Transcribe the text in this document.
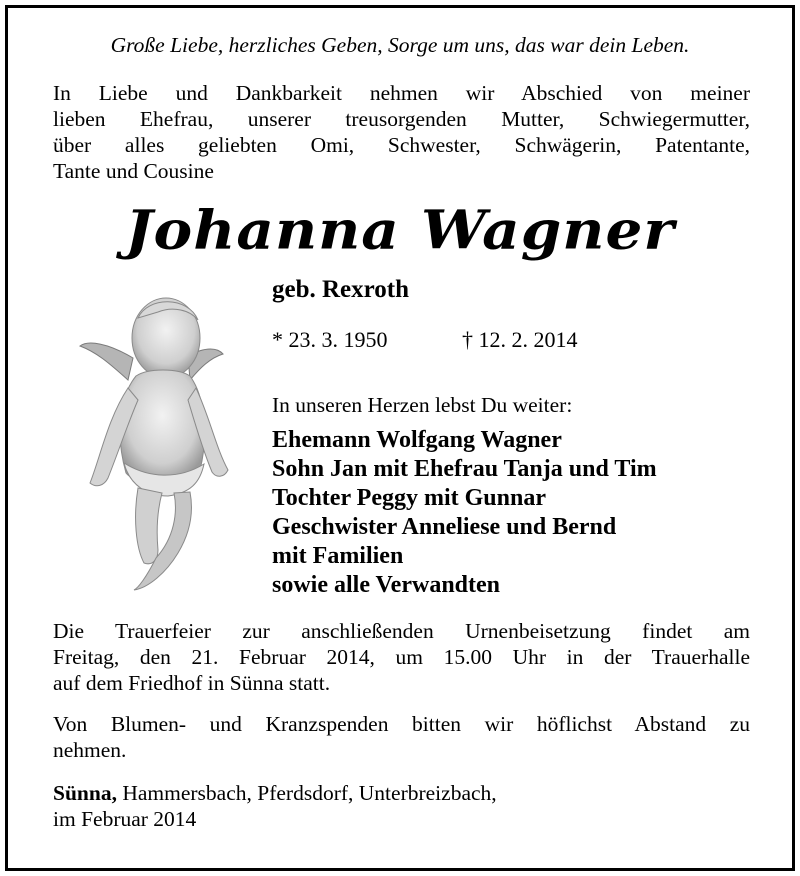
Große Liebe, herzliches Geben, Sorge um uns, das war dein Leben.
In Liebe und Dankbarkeit nehmen wir Abschied von meiner
lieben Ehefrau, unserer treusorgenden Mutter, Schwiegermutter,
über alles geliebten Omi, Schwester, Schwägerin, Patentante,
Tante und Cousine
Johanna Wagner
geb. Rexroth
* 23. 3. 1950	† 12. 2. 2014
In unseren Herzen lebst Du weiter:
Ehemann Wolfgang Wagner
Sohn Jan mit Ehefrau Tanja und Tim
Tochter Peggy mit Gunnar
Geschwister Anneliese und Bernd
mit Familien
sowie alle Verwandten
Die Trauerfeier zur anschließenden Urnenbeisetzung findet am
Freitag, den 21. Februar 2014, um 15.00 Uhr in der Trauerhalle
auf dem Friedhof in Sünna statt.
Von Blumen- und Kranzspenden bitten wir höflichst Abstand zu
nehmen.
Sünna, Hammersbach, Pferdsdorf, Unterbreizbach,
im Februar 2014
